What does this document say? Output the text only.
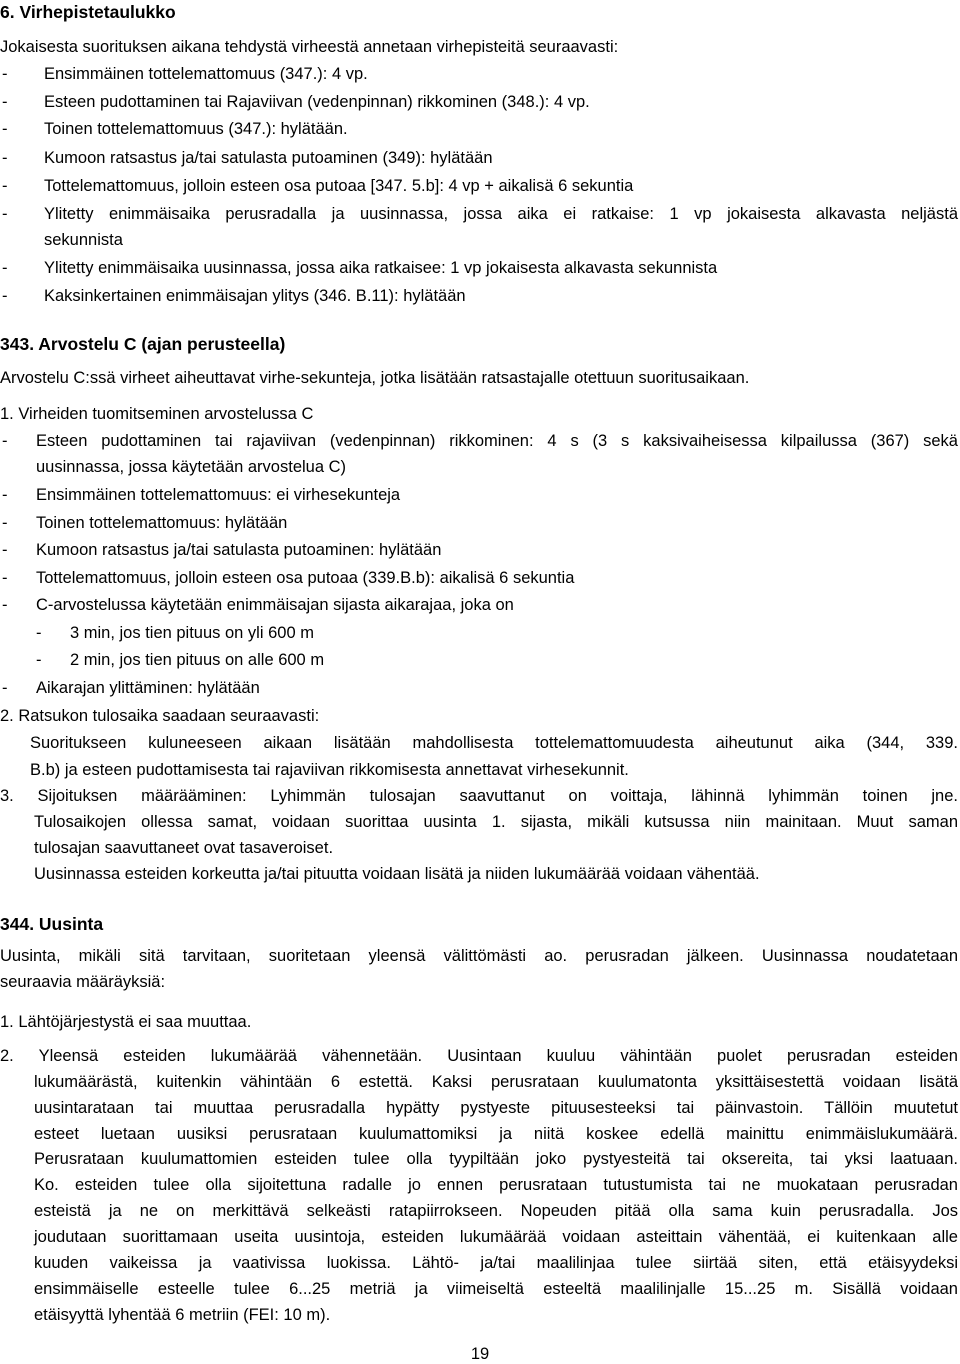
6. Virhepistetaulukko
Jokaisesta suorituksen aikana tehdystä virheestä annetaan virhepisteitä seuraavasti:
- Ensimmäinen tottelemattomuus (347.): 4 vp.
- Esteen pudottaminen tai Rajaviivan (vedenpinnan) rikkominen (348.): 4 vp.
- Toinen tottelemattomuus (347.): hylätään.
- Kumoon ratsastus ja/tai satulasta putoaminen (349): hylätään
- Tottelemattomuus, jolloin esteen osa putoaa [347. 5.b]: 4 vp + aikalisä 6 sekuntia
- Ylitetty enimmäisaika perusradalla ja uusinnassa, jossa aika ei ratkaise: 1 vp jokaisesta alkavasta neljästä
sekunnista
- Ylitetty enimmäisaika uusinnassa, jossa aika ratkaisee: 1 vp jokaisesta alkavasta sekunnista
- Kaksinkertainen enimmäisajan ylitys (346. B.11): hylätään
343. Arvostelu C (ajan perusteella)
Arvostelu C:ssä virheet aiheuttavat virhe-sekunteja, jotka lisätään ratsastajalle otettuun suoritusaikaan.
1. Virheiden tuomitseminen arvostelussa C
- Esteen pudottaminen tai rajaviivan (vedenpinnan) rikkominen: 4 s (3 s kaksivaiheisessa kilpailussa (367) sekä
uusinnassa, jossa käytetään arvostelua C)
- Ensimmäinen tottelemattomuus: ei virhesekunteja
- Toinen tottelemattomuus: hylätään
- Kumoon ratsastus ja/tai satulasta putoaminen: hylätään
- Tottelemattomuus, jolloin esteen osa putoaa (339.B.b): aikalisä 6 sekuntia
- C-arvostelussa käytetään enimmäisajan sijasta aikarajaa, joka on
- 3 min, jos tien pituus on yli 600 m
- 2 min, jos tien pituus on alle 600 m
- Aikarajan ylittäminen: hylätään
2. Ratsukon tulosaika saadaan seuraavasti:
Suoritukseen kuluneeseen aikaan lisätään mahdollisesta tottelemattomuudesta aiheutunut aika (344, 339.
B.b) ja esteen pudottamisesta tai rajaviivan rikkomisesta annettavat virhesekunnit.
3. Sijoituksen määrääminen: Lyhimmän tulosajan saavuttanut on voittaja, lähinnä lyhimmän toinen jne.
Tulosaikojen ollessa samat, voidaan suorittaa uusinta 1. sijasta, mikäli kutsussa niin mainitaan. Muut saman
tulosajan saavuttaneet ovat tasaveroiset.
Uusinnassa esteiden korkeutta ja/tai pituutta voidaan lisätä ja niiden lukumäärää voidaan vähentää.
344. Uusinta
Uusinta, mikäli sitä tarvitaan, suoritetaan yleensä välittömästi ao. perusradan jälkeen. Uusinnassa noudatetaan
seuraavia määräyksiä:
1. Lähtöjärjestystä ei saa muuttaa.
2. Yleensä esteiden lukumäärää vähennetään. Uusintaan kuuluu vähintään puolet perusradan esteiden
lukumäärästä, kuitenkin vähintään 6 estettä. Kaksi perusrataan kuulumatonta yksittäisestettä voidaan lisätä
uusintarataan tai muuttaa perusradalla hypätty pystyeste pituusesteeksi tai päinvastoin. Tällöin muutetut
esteet luetaan uusiksi perusrataan kuulumattomiksi ja niitä koskee edellä mainittu enimmäislukumäärä.
Perusrataan kuulumattomien esteiden tulee olla tyypiltään joko pystyesteitä tai oksereita, tai yksi laatuaan.
Ko. esteiden tulee olla sijoitettuna radalle jo ennen perusrataan tutustumista tai ne muokataan perusradan
esteistä ja ne on merkittävä selkeästi ratapiirrokseen. Nopeuden pitää olla sama kuin perusradalla. Jos
joudutaan suorittamaan useita uusintoja, esteiden lukumäärää voidaan asteittain vähentää, ei kuitenkaan alle
kuuden vaikeissa ja vaativissa luokissa. Lähtö- ja/tai maalilinjaa tulee siirtää siten, että etäisyydeksi
ensimmäiselle esteelle tulee 6...25 metriä ja viimeiseltä esteeltä maalilinjalle 15...25 m. Sisällä voidaan
etäisyyttä lyhentää 6 metriin (FEI: 10 m).
19
